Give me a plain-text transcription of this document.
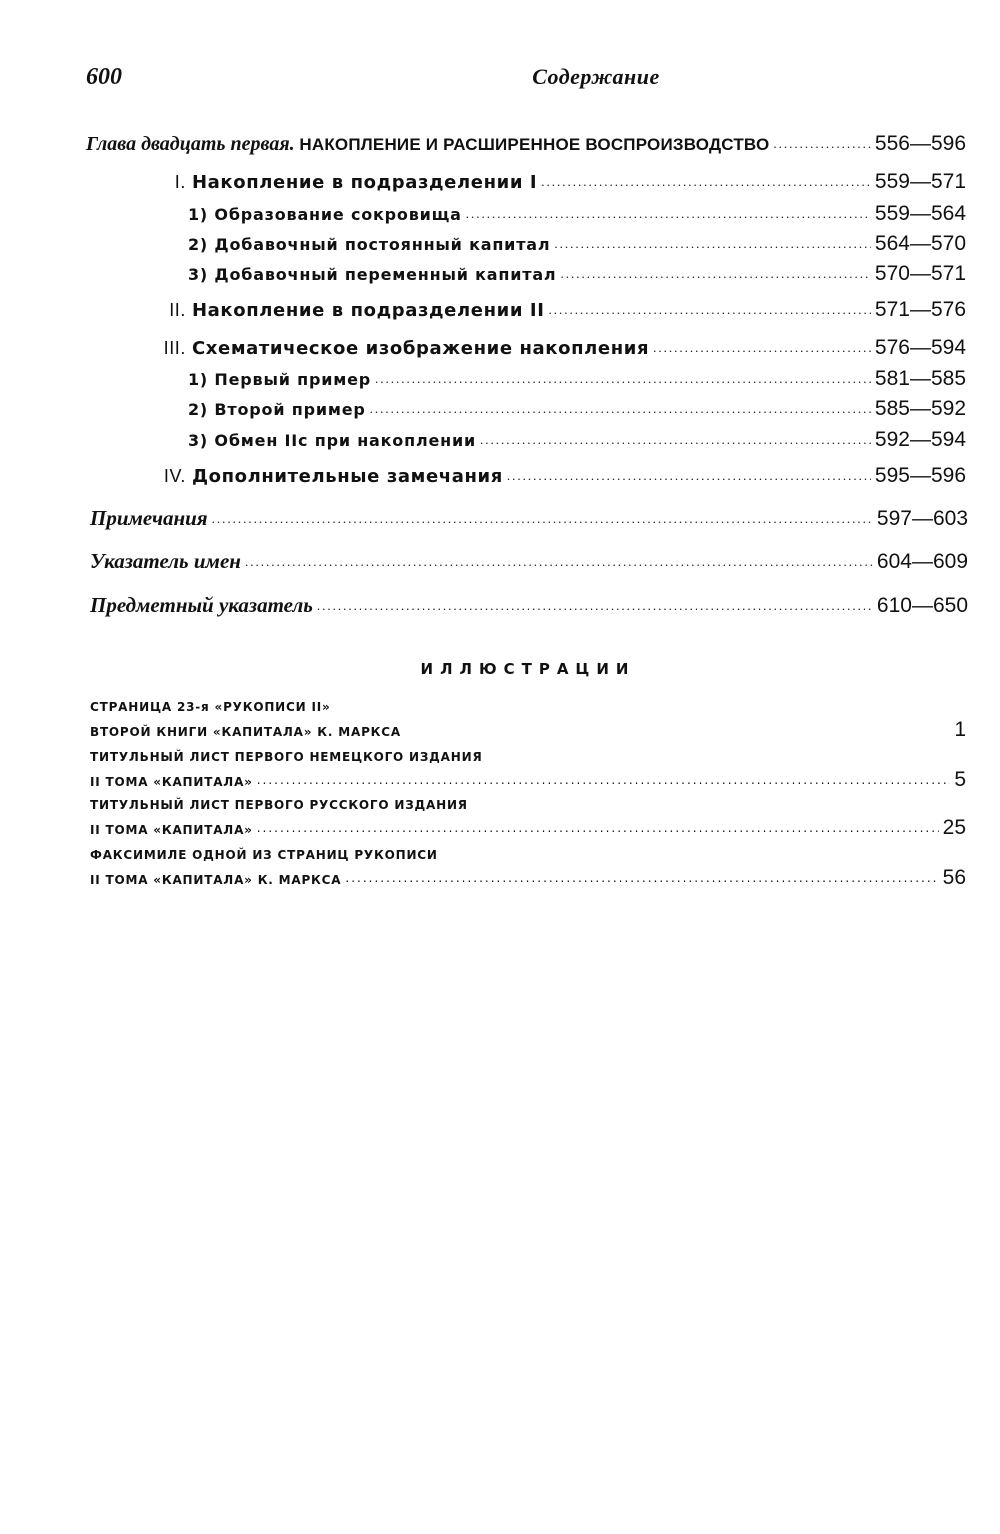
600	Содержание
Глава двадцать первая. НАКОПЛЕНИЕ И РАСШИРЕННОЕ ВОСПРОИЗВОДСТВО .....	556—596
I. Накопление в подразделении I .....	559—571
1) Образование сокровища .....	559—564
2) Добавочный постоянный капитал .....	564—570
3) Добавочный переменный капитал .....	570—571
II. Накопление в подразделении II .....	571—576
III. Схематическое изображение накопления .....	576—594
1) Первый пример .....	581—585
2) Второй пример .....	585—592
3) Обмен IIc при накоплении .....	592—594
IV. Дополнительные замечания .....	595—596
Примечания .....	597—603
Указатель имен .....	604—609
Предметный указатель .....	610—650
ИЛЛЮСТРАЦИИ
СТРАНИЦА 23-я «РУКОПИСИ II»
ВТОРОЙ КНИГИ «КАПИТАЛА» К. МАРКСА	1
ТИТУЛЬНЫЙ ЛИСТ ПЕРВОГО НЕМЕЦКОГО ИЗДАНИЯ
II ТОМА «КАПИТАЛА» .....	5
ТИТУЛЬНЫЙ ЛИСТ ПЕРВОГО РУССКОГО ИЗДАНИЯ
II ТОМА «КАПИТАЛА» .....	25
ФАКСИМИЛЕ ОДНОЙ ИЗ СТРАНИЦ РУКОПИСИ
II ТОМА «КАПИТАЛА» К. МАРКСА .....	56
